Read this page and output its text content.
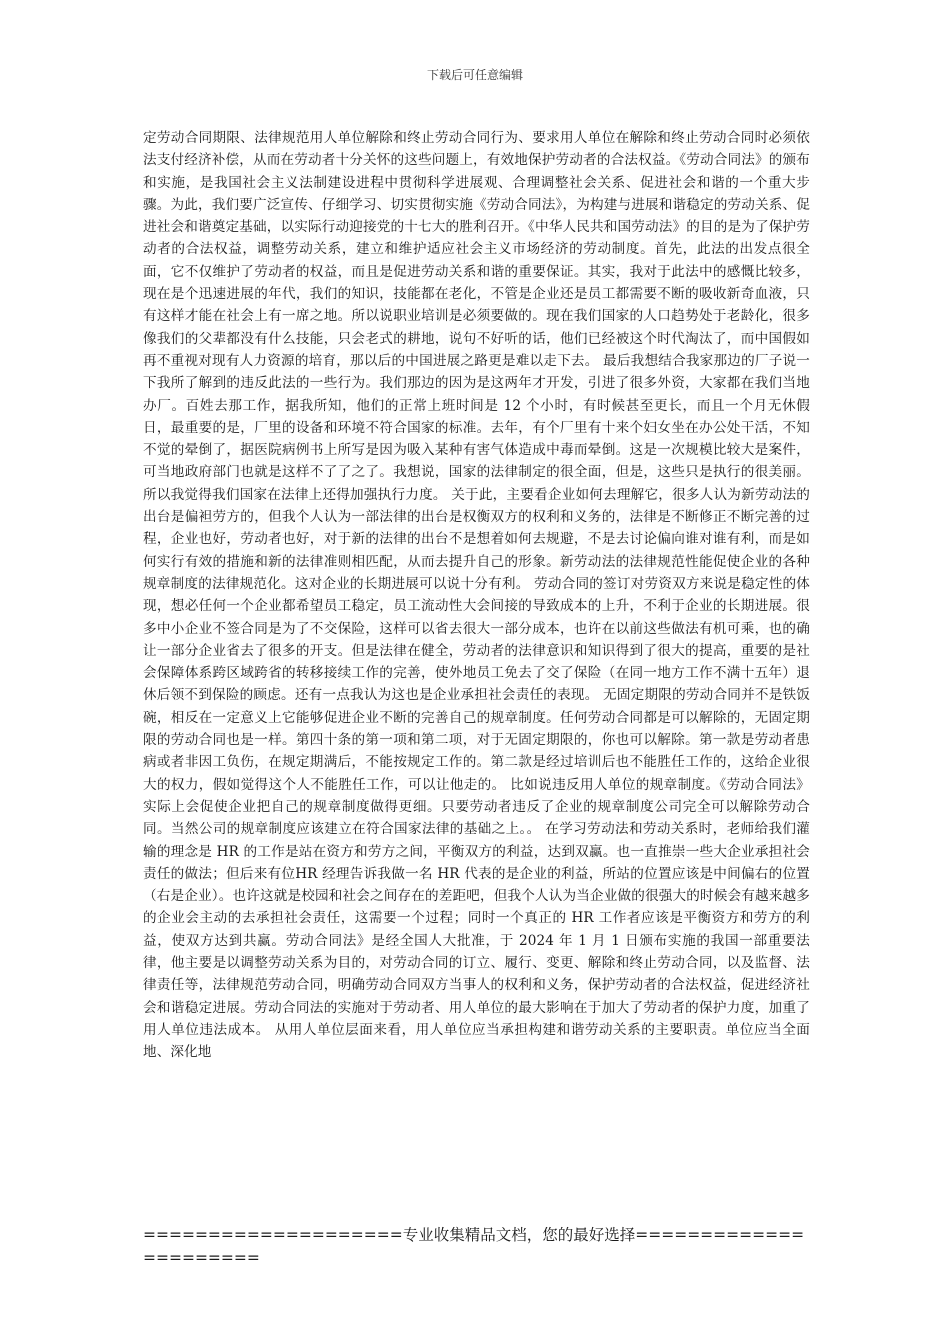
下载后可任意编辑

定劳动合同期限、法律规范用人单位解除和终止劳动合同行为、要求用人单位在解除和终止劳动合同时必须依法支付经济补偿，从而在劳动者十分关怀的这些问题上，有效地保护劳动者的合法权益。《劳动合同法》的颁布和实施，是我国社会主义法制建设进程中贯彻科学进展观、合理调整社会关系、促进社会和谐的一个重大步骤。为此，我们要广泛宣传、仔细学习、切实贯彻实施《劳动合同法》，为构建与进展和谐稳定的劳动关系、促进社会和谐奠定基础，以实际行动迎接党的十七大的胜利召开。《中华人民共和国劳动法》的目的是为了保护劳动者的合法权益，调整劳动关系，建立和维护适应社会主义市场经济的劳动制度。首先，此法的出发点很全面，它不仅维护了劳动者的权益，而且是促进劳动关系和谐的重要保证。其实，我对于此法中的感慨比较多，现在是个迅速进展的年代，我们的知识，技能都在老化，不管是企业还是员工都需要不断的吸收新奇血液，只有这样才能在社会上有一席之地。所以说职业培训是必须要做的。现在我们国家的人口趋势处于老龄化，很多像我们的父辈都没有什么技能，只会老式的耕地，说句不好听的话，他们已经被这个时代淘汰了，而中国假如再不重视对现有人力资源的培育，那以后的中国进展之路更是难以走下去。 最后我想结合我家那边的厂子说一下我所了解到的违反此法的一些行为。我们那边的因为是这两年才开发，引进了很多外资，大家都在我们当地办厂。百姓去那工作，据我所知，他们的正常上班时间是 12 个小时，有时候甚至更长，而且一个月无休假日，最重要的是，厂里的设备和环境不符合国家的标准。去年，有个厂里有十来个妇女坐在办公处干活，不知不觉的晕倒了，据医院病例书上所写是因为吸入某种有害气体造成中毒而晕倒。这是一次规模比较大是案件，可当地政府部门也就是这样不了了之了。我想说，国家的法律制定的很全面，但是，这些只是执行的很美丽。所以我觉得我们国家在法律上还得加强执行力度。 关于此，主要看企业如何去理解它，很多人认为新劳动法的出台是偏袒劳方的，但我个人认为一部法律的出台是权衡双方的权利和义务的，法律是不断修正不断完善的过程，企业也好，劳动者也好，对于新的法律的出台不是想着如何去规避，不是去讨论偏向谁对谁有利，而是如何实行有效的措施和新的法律准则相匹配，从而去提升自己的形象。新劳动法的法律规范性能促使企业的各种规章制度的法律规范化。这对企业的长期进展可以说十分有利。 劳动合同的签订对劳资双方来说是稳定性的体现，想必任何一个企业都希望员工稳定，员工流动性大会间接的导致成本的上升，不利于企业的长期进展。很多中小企业不签合同是为了不交保险，这样可以省去很大一部分成本，也许在以前这些做法有机可乘，也的确让一部分企业省去了很多的开支。但是法律在健全，劳动者的法律意识和知识得到了很大的提高，重要的是社会保障体系跨区域跨省的转移接续工作的完善，使外地员工免去了交了保险（在同一地方工作不满十五年）退休后领不到保险的顾虑。还有一点我认为这也是企业承担社会责任的表现。 无固定期限的劳动合同并不是铁饭碗，相反在一定意义上它能够促进企业不断的完善自己的规章制度。任何劳动合同都是可以解除的，无固定期限的劳动合同也是一样。第四十条的第一项和第二项，对于无固定期限的，你也可以解除。第一款是劳动者患病或者非因工负伤，在规定期满后，不能按规定工作的。第二款是经过培训后也不能胜任工作的，这给企业很大的权力，假如觉得这个人不能胜任工作，可以让他走的。 比如说违反用人单位的规章制度。《劳动合同法》实际上会促使企业把自己的规章制度做得更细。只要劳动者违反了企业的规章制度公司完全可以解除劳动合同。当然公司的规章制度应该建立在符合国家法律的基础之上。。 在学习劳动法和劳动关系时，老师给我们灌输的理念是 HR 的工作是站在资方和劳方之间，平衡双方的利益，达到双赢。也一直推崇一些大企业承担社会责任的做法；但后来有位HR 经理告诉我做一名 HR 代表的是企业的利益，所站的位置应该是中间偏右的位置（右是企业）。也许这就是校园和社会之间存在的差距吧，但我个人认为当企业做的很强大的时候会有越来越多的企业会主动的去承担社会责任，这需要一个过程；同时一个真正的 HR 工作者应该是平衡资方和劳方的利益，使双方达到共赢。劳动合同法》是经全国人大批准，于 2024 年 1 月 1 日颁布实施的我国一部重要法律，他主要是以调整劳动关系为目的，对劳动合同的订立、履行、变更、解除和终止劳动合同，以及监督、法律责任等，法律规范劳动合同，明确劳动合同双方当事人的权利和义务，保护劳动者的合法权益，促进经济社会和谐稳定进展。劳动合同法的实施对于劳动者、用人单位的最大影响在于加大了劳动者的保护力度，加重了用人单位违法成本。 从用人单位层面来看，用人单位应当承担构建和谐劳动关系的主要职责。单位应当全面地、深化地

====================专业收集精品文档，您的最好选择======================
